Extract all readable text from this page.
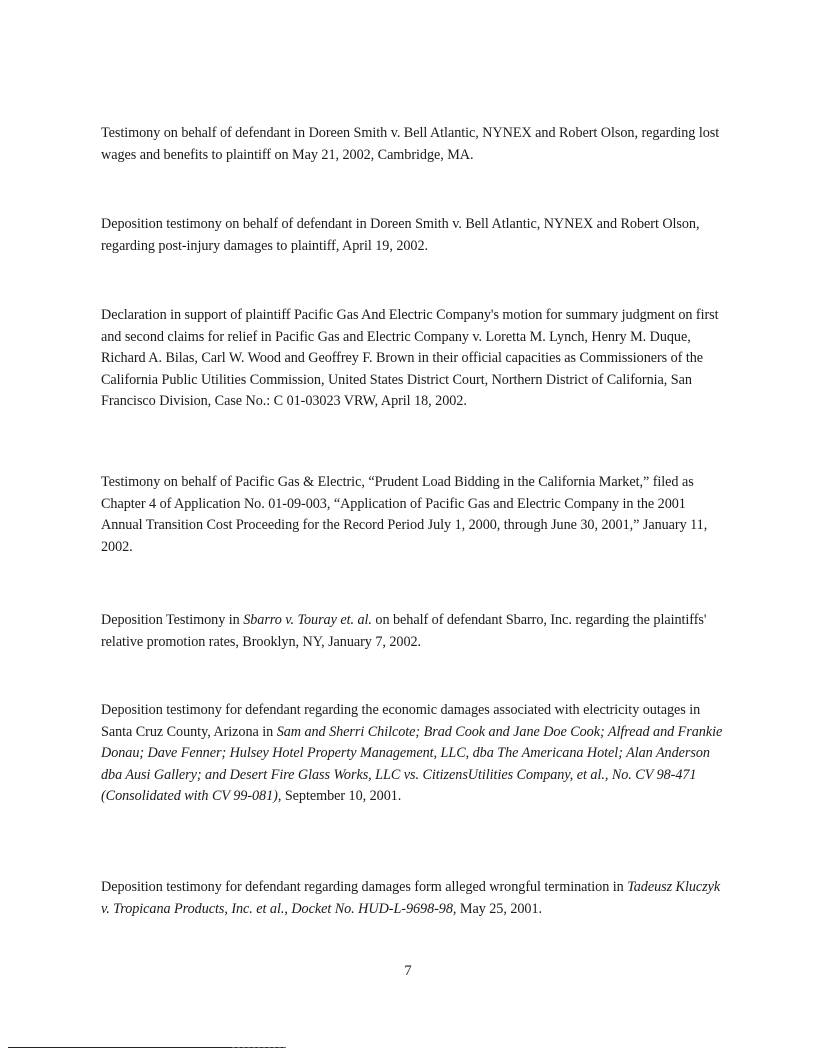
Testimony on behalf of defendant in Doreen Smith v. Bell Atlantic, NYNEX and Robert Olson, regarding lost wages and benefits to plaintiff on May 21, 2002, Cambridge, MA.

Deposition testimony on behalf of defendant in Doreen Smith v. Bell Atlantic, NYNEX and Robert Olson, regarding post-injury damages to plaintiff, April 19, 2002.

Declaration in support of plaintiff Pacific Gas And Electric Company's motion for summary judgment on first and second claims for relief in Pacific Gas and Electric Company v. Loretta M. Lynch, Henry M. Duque, Richard A. Bilas, Carl W. Wood and Geoffrey F. Brown in their official capacities as Commissioners of the California Public Utilities Commission, United States District Court, Northern District of California, San Francisco Division, Case No.: C 01-03023 VRW, April 18, 2002.

Testimony on behalf of Pacific Gas & Electric, “Prudent Load Bidding in the California Market,” filed as Chapter 4 of Application No. 01-09-003, “Application of Pacific Gas and Electric Company in the 2001 Annual Transition Cost Proceeding for the Record Period July 1, 2000, through June 30, 2001,” January 11, 2002.

Deposition Testimony in Sbarro v. Touray et. al. on behalf of defendant Sbarro, Inc. regarding the plaintiffs' relative promotion rates, Brooklyn, NY, January 7, 2002.

Deposition testimony for defendant regarding the economic damages associated with electricity outages in Santa Cruz County, Arizona in Sam and Sherri Chilcote; Brad Cook and Jane Doe Cook; Alfread and Frankie Donau; Dave Fenner; Hulsey Hotel Property Management, LLC, dba The Americana Hotel; Alan Anderson dba Ausi Gallery; and Desert Fire Glass Works, LLC vs. CitizensUtilities Company, et al., No. CV 98-471 (Consolidated with CV 99-081), September 10, 2001.

Deposition testimony for defendant regarding damages form alleged wrongful termination in Tadeusz Kluczyk v. Tropicana Products, Inc. et al., Docket No. HUD-L-9698-98, May 25, 2001.

7
